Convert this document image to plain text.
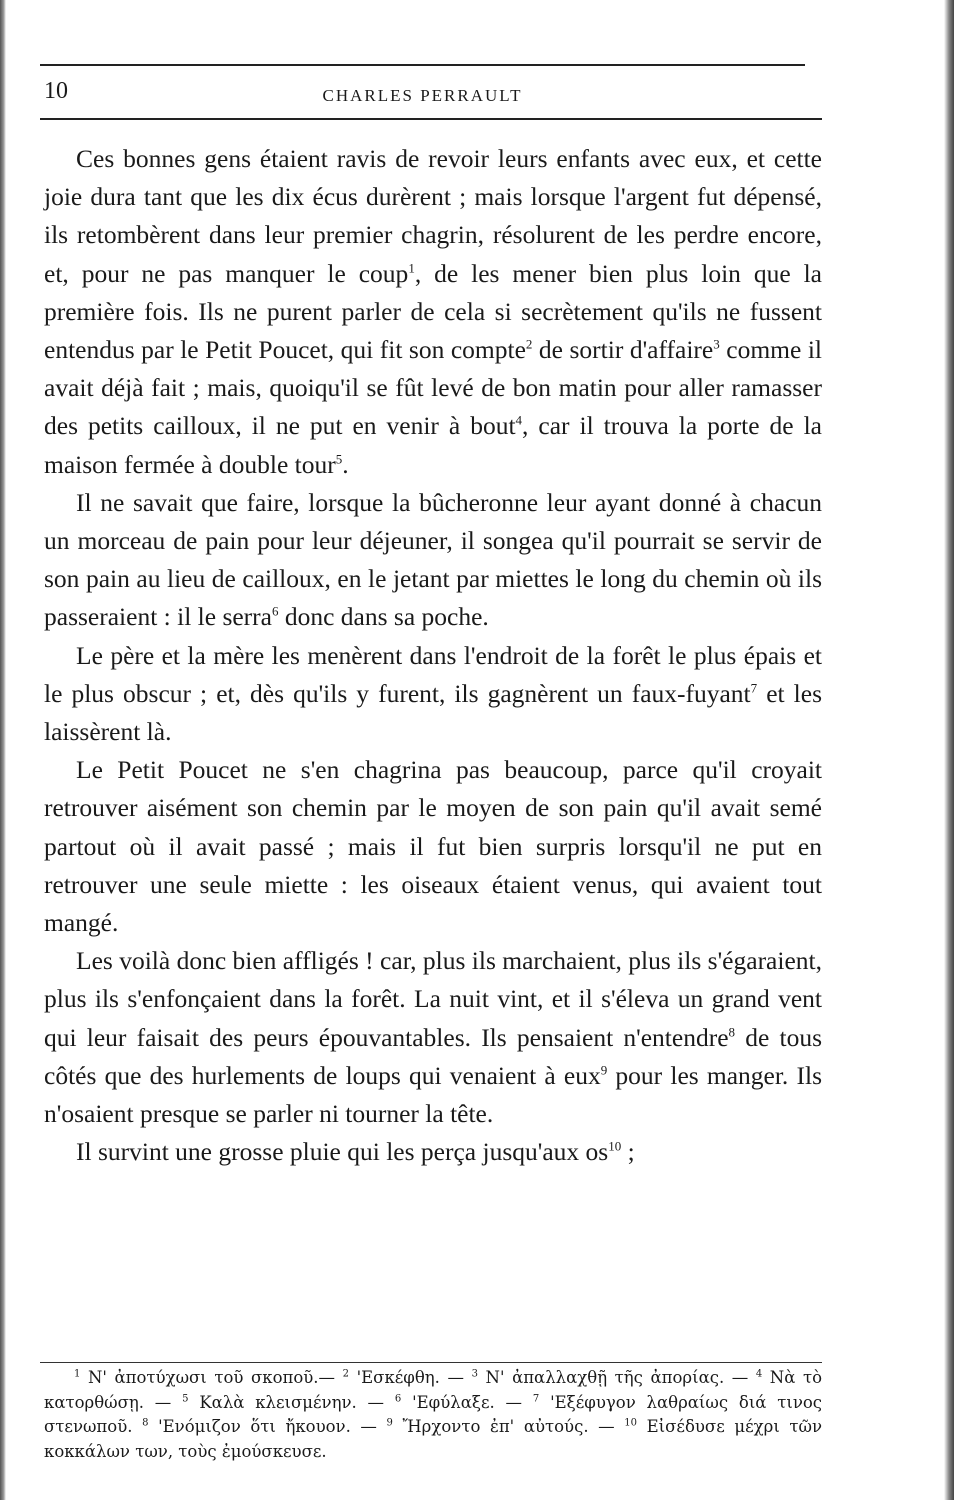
10	CHARLES PERRAULT

Ces bonnes gens étaient ravis de revoir leurs enfants avec eux, et cette joie dura tant que les dix écus durèrent ; mais lorsque l'argent fut dépensé, ils retombèrent dans leur premier chagrin, résolurent de les perdre encore, et, pour ne pas manquer le coup$^1$, de les mener bien plus loin que la première fois. Ils ne purent parler de cela si secrètement qu'ils ne fussent entendus par le Petit Poucet, qui fit son compte$^2$ de sortir d'affaire$^3$ comme il avait déjà fait ; mais, quoiqu'il se fût levé de bon matin pour aller ramasser des petits cailloux, il ne put en venir à bout$^4$, car il trouva la porte de la maison fermée à double tour$^5$.

Il ne savait que faire, lorsque la bûcheronne leur ayant donné à chacun un morceau de pain pour leur déjeuner, il songea qu'il pourrait se servir de son pain au lieu de cailloux, en le jetant par miettes le long du chemin où ils passeraient : il le serra$^6$ donc dans sa poche.

Le père et la mère les menèrent dans l'endroit de la forêt le plus épais et le plus obscur ; et, dès qu'ils y furent, ils gagnèrent un faux-fuyant$^7$ et les laissèrent là.

Le Petit Poucet ne s'en chagrina pas beaucoup, parce qu'il croyait retrouver aisément son chemin par le moyen de son pain qu'il avait semé partout où il avait passé ; mais il fut bien surpris lorsqu'il ne put en retrouver une seule miette : les oiseaux étaient venus, qui avaient tout mangé.

Les voilà donc bien affligés ! car, plus ils marchaient, plus ils s'égaraient, plus ils s'enfonçaient dans la forêt. La nuit vint, et il s'éleva un grand vent qui leur faisait des peurs épouvantables. Ils pensaient n'entendre$^8$ de tous côtés que des hurlements de loups qui venaient à eux$^9$ pour les manger. Ils n'osaient presque se parler ni tourner la tête.

Il survint une grosse pluie qui les perça jusqu'aux $os^{10}$ ;

$^1$ N' ἀποτύχωσι τοῦ σκοποῦ.— $^2$ 'Εσκέφθη. — $^3$ N' ἀπαλλαχθῇ τῆς ἀπορίας. — $^4$ Nὰ τὸ κατορθώσῃ. — $^5$ Καλὰ κλεισμένην. — $^6$ 'Εφύλαξε. — $^7$ 'Εξέφυγον λαθραίως διά τινος στενωποῦ. $^8$ 'Ενόμιζον ὅτι ἤκουον. — $^9$ Ἤρχοντο ἐπ' αὐτούς. — $^{10}$ Εἰσέδυσε μέχρι τῶν κοκκάλων των, τοὺς ἐμούσκευσε.
